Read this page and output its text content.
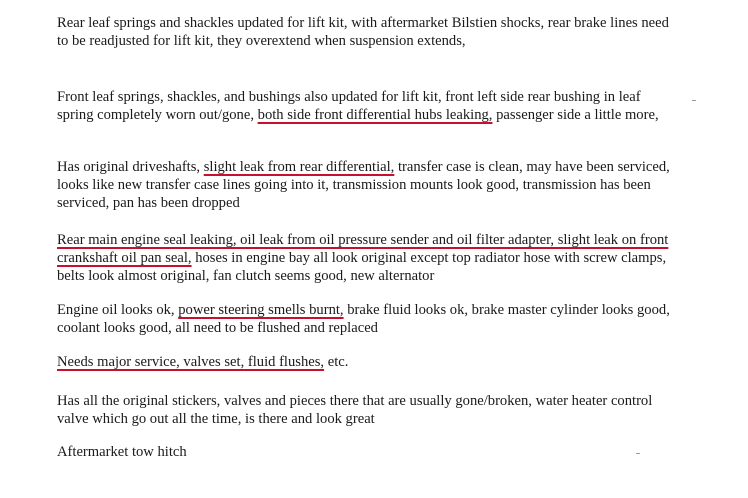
Rear leaf springs and shackles updated for lift kit, with aftermarket Bilstien shocks, rear brake lines need to be readjusted for lift kit, they overextend when suspension extends,

Front leaf springs, shackles, and bushings also updated for lift kit, front left side rear bushing in leaf spring completely worn out/gone, both side front differential hubs leaking, passenger side a little more,

Has original driveshafts, slight leak from rear differential, transfer case is clean, may have been serviced, looks like new transfer case lines going into it, transmission mounts look good, transmission has been serviced, pan has been dropped

Rear main engine seal leaking, oil leak from oil pressure sender and oil filter adapter, slight leak on front crankshaft oil pan seal, hoses in engine bay all look original except top radiator hose with screw clamps, belts look almost original, fan clutch seems good, new alternator

Engine oil looks ok, power steering smells burnt, brake fluid looks ok, brake master cylinder looks good, coolant looks good, all need to be flushed and replaced

Needs major service, valves set, fluid flushes, etc.

Has all the original stickers, valves and pieces there that are usually gone/broken, water heater control valve which go out all the time, is there and look great

Aftermarket tow hitch
